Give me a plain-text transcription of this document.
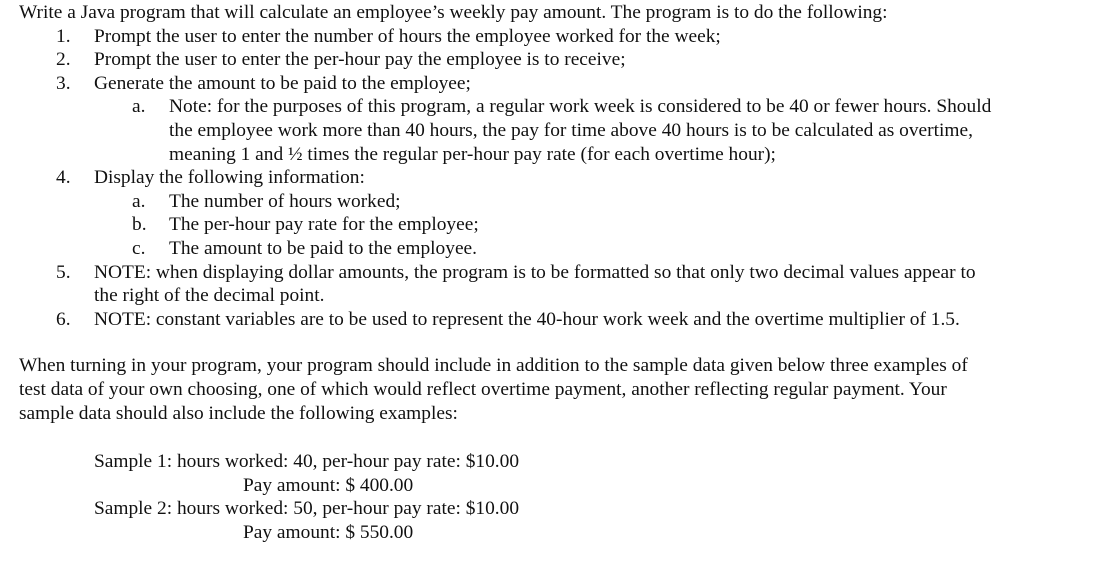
Write a Java program that will calculate an employee’s weekly pay amount. The program is to do the following:
1. Prompt the user to enter the number of hours the employee worked for the week;
2. Prompt the user to enter the per-hour pay the employee is to receive;
3. Generate the amount to be paid to the employee;
a. Note: for the purposes of this program, a regular work week is considered to be 40 or fewer hours. Should
the employee work more than 40 hours, the pay for time above 40 hours is to be calculated as overtime,
meaning 1 and ½ times the regular per-hour pay rate (for each overtime hour);
4. Display the following information:
a. The number of hours worked;
b. The per-hour pay rate for the employee;
c. The amount to be paid to the employee.
5. NOTE: when displaying dollar amounts, the program is to be formatted so that only two decimal values appear to
the right of the decimal point.
6. NOTE: constant variables are to be used to represent the 40-hour work week and the overtime multiplier of 1.5.
When turning in your program, your program should include in addition to the sample data given below three examples of
test data of your own choosing, one of which would reflect overtime payment, another reflecting regular payment. Your
sample data should also include the following examples:
Sample 1: hours worked: 40, per-hour pay rate: $10.00
Pay amount: $ 400.00
Sample 2: hours worked: 50, per-hour pay rate: $10.00
Pay amount: $ 550.00
